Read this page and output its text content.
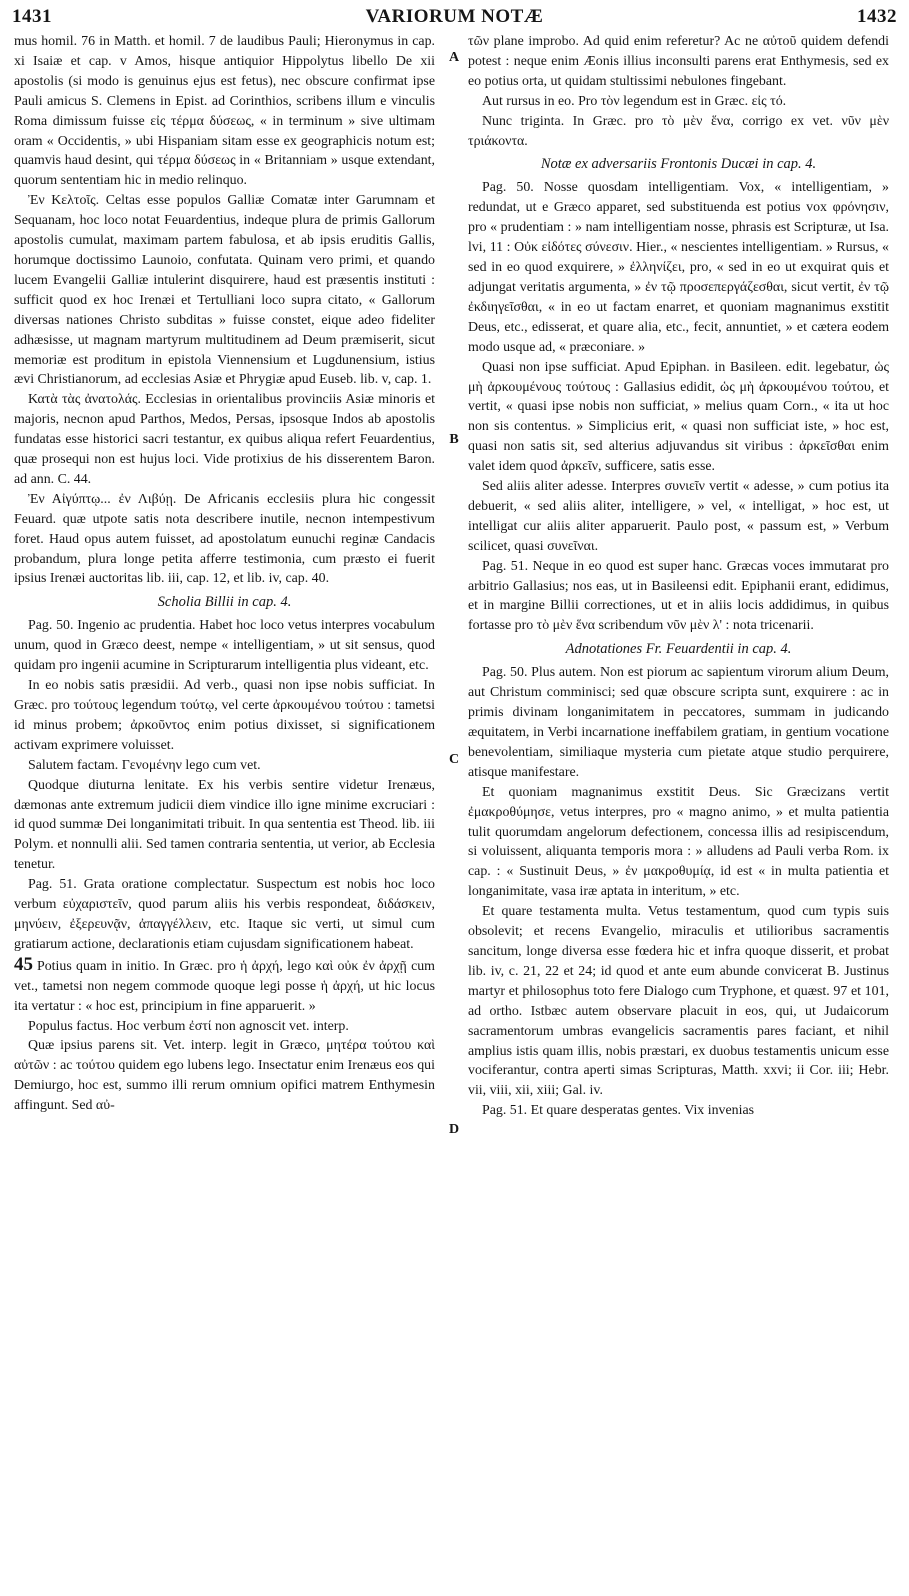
1431	VARIORUM NOTÆ	1432

mus homil. 76 in Matth. et homil. 7 de laudibus Pauli; Hieronymus in cap. xi Isaiæ et cap. v Amos, hisque antiquior Hippolytus libello De xii apostolis (si modo is genuinus ejus est fetus), nec obscure confirmat ipse Pauli amicus S. Clemens in Epist. ad Corinthios, scribens illum e vinculis Roma dimissum fuisse εἰς τέρμα δύσεως, « in terminum » sive ultimam oram « Occidentis, » ubi Hispaniam sitam esse ex geographicis notum est; quamvis haud desint, qui τέρμα δύσεως in « Britanniam » usque extendant, quorum sententiam hic in medio relinquo.

Ἐν Κελτοῖς. Celtas esse populos Galliæ Comatæ inter Garumnam et Sequanam, hoc loco notat Feuardentius, indeque plura de primis Gallorum apostolis cumulat, maximam partem fabulosa, et ab ipsis eruditis Gallis, horumque doctissimo Launoio, confutata. Quinam vero primi, et quando lucem Evangelii Galliæ intulerint disquirere, haud est præsentis instituti : sufficit quod ex hoc Irenæi et Tertulliani loco supra citato, « Gallorum diversas nationes Christo subditas » fuisse constet, eique adeo fideliter adhæsisse, ut magnam martyrum multitudinem ad Deum præmiserit, sicut memoriæ est proditum in epistola Viennensium et Lugdunensium, istius ævi Christianorum, ad ecclesias Asiæ et Phrygiæ apud Euseb. lib. v, cap. 1.

Κατὰ τὰς ἀνατολάς. Ecclesias in orientalibus provinciis Asiæ minoris et majoris, necnon apud Parthos, Medos, Persas, ipsosque Indos ab apostolis fundatas esse historici sacri testantur, ex quibus aliqua refert Feuardentius, quæ prosequi non est hujus loci. Vide protixius de his disserentem Baron. ad ann. C. 44.

Ἐν Αἰγύπτῳ... ἐν Λιβύῃ. De Africanis ecclesiis plura hic congessit Feuard. quæ utpote satis nota describere inutile, necnon intempestivum foret. Haud opus autem fuisset, ad apostolatum eunuchi reginæ Candacis probandum, plura longe petita afferre testimonia, cum præsto ei fuerit ipsius Irenæi auctoritas lib. iii, cap. 12, et lib. iv, cap. 40.

Scholia Billii in cap. 4.

Pag. 50. Ingenio ac prudentia. Habet hoc loco vetus interpres vocabulum unum, quod in Græco deest, nempe « intelligentiam, » ut sit sensus, quod quidam pro ingenii acumine in Scripturarum intelligentia plus videant, etc.

In eo nobis satis præsidii. Ad verb., quasi non ipse nobis sufficiat. In Græc. pro τούτους legendum τούτῳ, vel certe ἀρκουμένου τούτου : tametsi id minus probem; ἀρκοῦντος enim potius dixisset, si significationem activam exprimere voluisset.

Salutem factam. Γενομένην lego cum vet.

Quodque diuturna lenitate. Ex his verbis sentire videtur Irenæus, dæmonas ante extremum judicii diem vindice illo igne minime excruciari : id quod summæ Dei longanimitati tribuit. In qua sententia est Theod. lib. iii Polym. et nonnulli alii. Sed tamen contraria sententia, ut verior, ab Ecclesia tenetur.

Pag. 51. Grata oratione complectatur. Suspectum est nobis hoc loco verbum εὐχαριστεῖν, quod parum aliis his verbis respondeat, διδάσκειν, μηνύειν, ἐξερευνᾷν, ἀπαγγέλλειν, etc. Itaque sic verti, ut simul cum gratiarum actione, declarationis etiam cujusdam significationem habeat.

45 Potius quam in initio. In Græc. pro ἡ ἀρχή, lego καὶ οὐκ ἐν ἀρχῇ cum vet., tametsi non negem commode quoque legi posse ἡ ἀρχή, ut hic locus ita vertatur : « hoc est, principium in fine apparuerit. »

Populus factus. Hoc verbum ἐστί non agnoscit vet. interp.

Quæ ipsius parens sit. Vet. interp. legit in Græco, μητέρα τούτου καὶ αὐτῶν : ac τούτου quidem ego lubens lego. Insectatur enim Irenæus eos qui Demiurgo, hoc est, summo illi rerum omnium opifici matrem Enthymesin affingunt. Sed αὐ-

τῶν plane improbo. Ad quid enim referetur? Ac ne αὐτοῦ quidem defendi potest : neque enim Æonis illius inconsulti parens erat Enthymesis, sed ex eo potius orta, ut quidam stultissimi nebulones fingebant.

Aut rursus in eo. Pro τὸν legendum est in Græc. εἰς τό.

Nunc triginta. In Græc. pro τὸ μὲν ἕνα, corrigo ex vet. νῦν μὲν τριάκοντα.

Notæ ex adversariis Frontonis Ducæi in cap. 4.

Pag. 50. Nosse quosdam intelligentiam. Vox, « intelligentiam, » redundat, ut e Græco apparet, sed substituenda est potius vox φρόνησιν, pro « prudentiam : » nam intelligentiam nosse, phrasis est Scripturæ, ut Isa. lvi, 11 : Οὐκ εἰδότες σύνεσιν. Hier., « nescientes intelligentiam. » Rursus, « sed in eo quod exquirere, » ἐλληνίζει, pro, « sed in eo ut exquirat quis et adjungat veritatis argumenta, » ἐν τῷ προσεπεργάζεσθαι, sicut vertit, ἐν τῷ ἐκδιηγεῖσθαι, « in eo ut factam enarret, et quoniam magnanimus exstitit Deus, etc., edisserat, et quare alia, etc., fecit, annuntiet, » et cætera eodem modo usque ad, « præconiare. »

Quasi non ipse sufficiat. Apud Epiphan. in Basileen. edit. legebatur, ὡς μὴ ἀρκουμένους τούτους : Gallasius edidit, ὡς μὴ ἀρκουμένου τούτου, et vertit, « quasi ipse nobis non sufficiat, » melius quam Corn., « ita ut hoc non sis contentus. » Simplicius erit, « quasi non sufficiat iste, » hoc est, quasi non satis sit, sed alterius adjuvandus sit viribus : ἀρκεῖσθαι enim valet idem quod ἀρκεῖν, sufficere, satis esse.

Sed aliis aliter adesse. Interpres συνιεῖν vertit « adesse, » cum potius ita debuerit, « sed aliis aliter, intelligere, » vel, « intelligat, » hoc est, ut intelligat cur aliis aliter apparuerit. Paulo post, « passum est, » Verbum scilicet, quasi συνεῖναι.

Pag. 51. Neque in eo quod est super hanc. Græcas voces immutarat pro arbitrio Gallasius; nos eas, ut in Basileensi edit. Epiphanii erant, edidimus, et in margine Billii correctiones, ut et in aliis locis addidimus, in quibus fortasse pro τὸ μὲν ἕνα scribendum νῦν μὲν λ' : nota tricenarii.

Adnotationes Fr. Feuardentii in cap. 4.

Pag. 50. Plus autem. Non est piorum ac sapientum virorum alium Deum, aut Christum comminisci; sed quæ obscure scripta sunt, exquirere : ac in primis divinam longanimitatem in peccatores, summam in judicando æquitatem, in Verbi incarnatione ineffabilem gratiam, in gentium vocatione benevolentiam, similiaque mysteria cum pietate atque studio perquirere, atisque manifestare.

Et quoniam magnanimus exstitit Deus. Sic Græcizans vertit ἐμακροθύμησε, vetus interpres, pro « magno animo, » et multa patientia tulit quorumdam angelorum defectionem, concessa illis ad resipiscendum, si voluissent, aliquanta temporis mora : » alludens ad Pauli verba Rom. ix cap. : « Sustinuit Deus, » ἐν μακροθυμίᾳ, id est « in multa patientia et longanimitate, vasa iræ aptata in interitum, » etc.

Et quare testamenta multa. Vetus testamentum, quod cum typis suis obsolevit; et recens Evangelio, miraculis et utilioribus sacramentis sancitum, longe diversa esse fœdera hic et infra quoque disserit, et probat lib. iv, c. 21, 22 et 24; id quod et ante eum abunde convicerat B. Justinus martyr et philosophus toto fere Dialogo cum Tryphone, et quæst. 97 et 101, ad ortho. Istbæc autem observare placuit in eos, qui, ut Judaicorum sacramentorum umbras evangelicis sacramentis pares faciant, et nihil amplius istis quam illis, nobis præstari, ex duobus testamentis unicum esse vociferantur, contra aperti simas Scripturas, Matth. xxvi; ii Cor. iii; Hebr. vii, viii, xii, xiii; Gal. iv.

Pag. 51. Et quare desperatas gentes. Vix invenias

A
B
C
D
